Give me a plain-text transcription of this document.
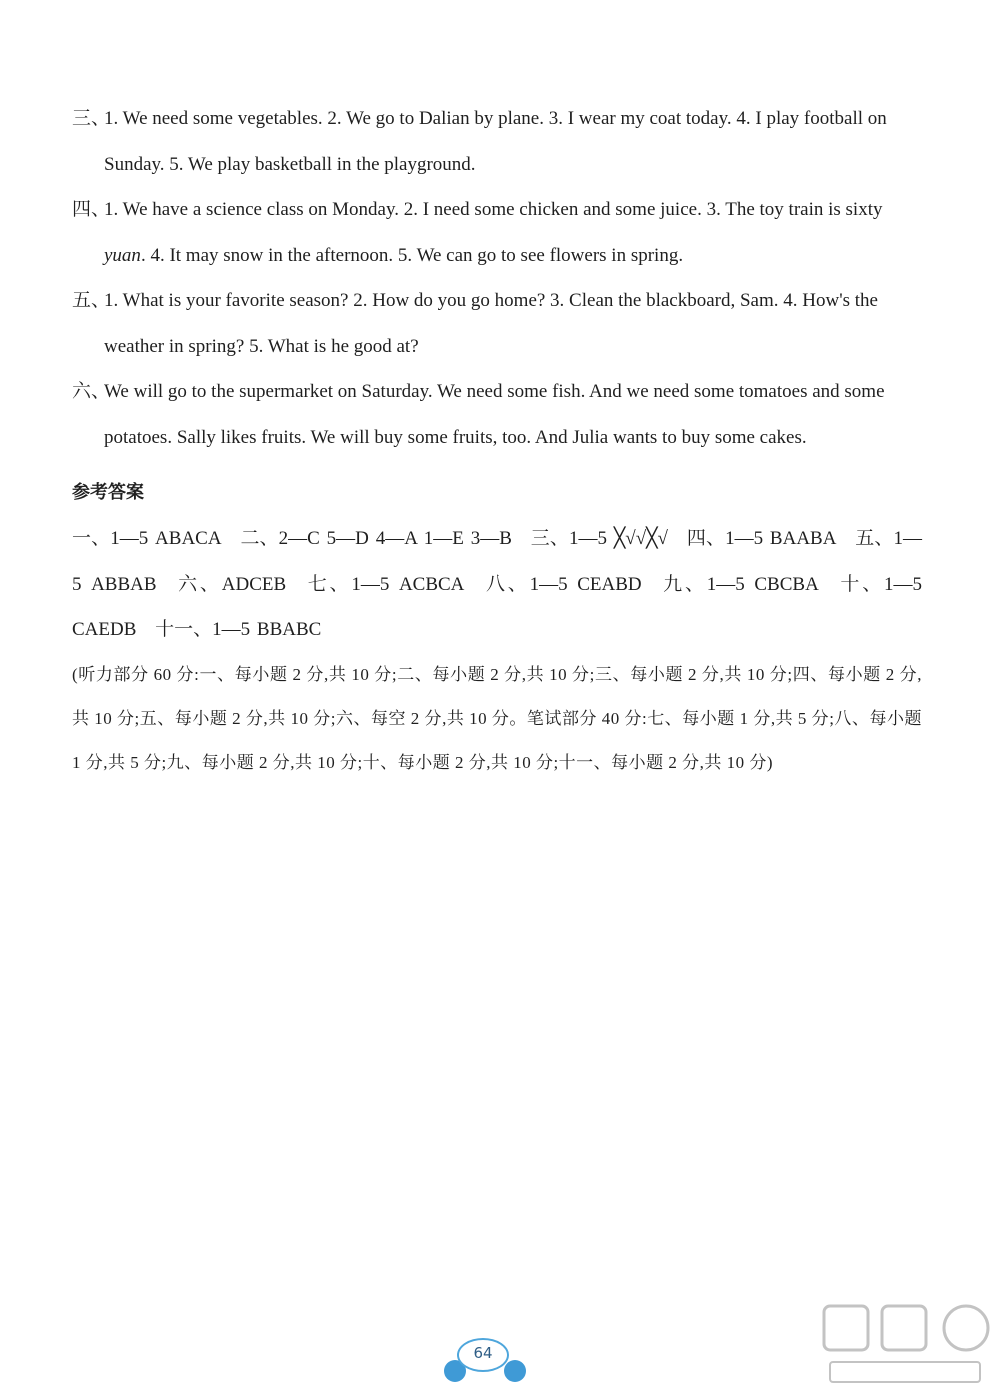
三、
1. We need some vegetables. 2. We go to Dalian by plane. 3. I wear my coat today. 4. I play football on Sunday. 5. We play basketball in the playground.
四、
1. We have a science class on Monday. 2. I need some chicken and some juice. 3. The toy train is sixty yuan. 4. It may snow in the afternoon. 5. We can go to see flowers in spring.
五、
1. What is your favorite season? 2. How do you go home? 3. Clean the blackboard, Sam. 4. How's the weather in spring? 5. What is he good at?
六、
We will go to the supermarket on Saturday. We need some fish. And we need some tomatoes and some potatoes. Sally likes fruits. We will buy some fruits, too. And Julia wants to buy some cakes.
参考答案
一、1—5 ABACA 二、2—C 5—D 4—A 1—E 3—B 三、1—5 ╳√√╳√ 四、1—5 BAABA 五、1—5 ABBAB 六、ADCEB 七、1—5 ACBCA 八、1—5 CEABD 九、1—5 CBCBA 十、1—5 CAEDB 十一、1—5 BBABC
(听力部分 60 分:一、每小题 2 分,共 10 分;二、每小题 2 分,共 10 分;三、每小题 2 分,共 10 分;四、每小题 2 分,共 10 分;五、每小题 2 分,共 10 分;六、每空 2 分,共 10 分。笔试部分 40 分:七、每小题 1 分,共 5 分;八、每小题 1 分,共 5 分;九、每小题 2 分,共 10 分;十、每小题 2 分,共 10 分;十一、每小题 2 分,共 10 分)
64
